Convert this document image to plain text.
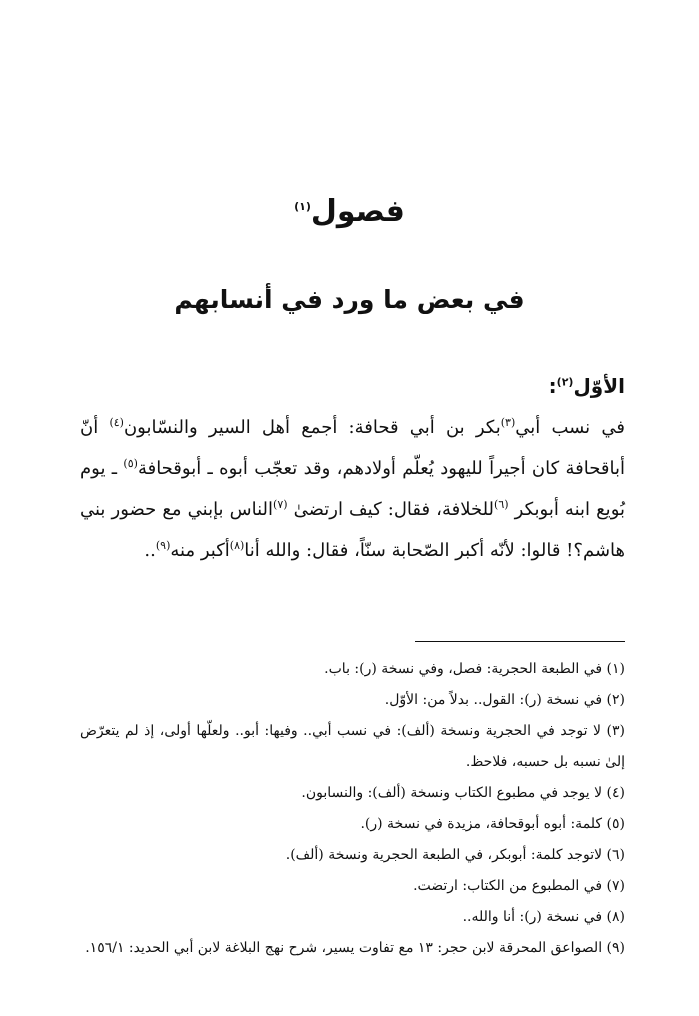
فصول$^{(١)}$
في بعض ما ورد في أنسابهم
الأوّل$^{(٢)}$:

في نسب أبي$^{(٣)}$بكر بن أبي قحافة: أجمع أهل السير والنسّابون$^{(٤)}$ أنّ أباقحافة كان أجيراً لليهود يُعلّم أولادهم، وقد تعجّب أبوه ـ أبوقحافة$^{(٥)}$ ـ يوم بُويع ابنه أبوبكر $^{(٦)}$للخلافة، فقال: كيف ارتضىٰ $^{(٧)}$الناس بإبني مع حضور بني هاشم؟! قالوا: لأنّه أكبر الصّحابة سنّاً، فقال: والله أنا$^{(٨)}$أكبر منه$^{(٩)}$..

(١) في الطبعة الحجرية: فصل، وفي نسخة (ر): باب.

(٢) في نسخة (ر): القول.. بدلاً من: الأوّل.

(٣) لا توجد في الحجرية ونسخة (ألف): في نسب أبي.. وفيها: أبو.. ولعلّها أولى، إذ لم يتعرّض إلىٰ نسبه بل حسبه، فلاحظ.

(٤) لا يوجد في مطبوع الكتاب ونسخة (ألف): والنسابون.

(٥) كلمة: أبوه أبوقحافة، مزيدة في نسخة (ر).

(٦) لاتوجد كلمة: أبوبكر، في الطبعة الحجرية ونسخة (ألف).

(٧) في المطبوع من الكتاب: ارتضت.

(٨) في نسخة (ر): أنا والله..

(٩) الصواعق المحرقة لابن حجر: ١٣ مع تفاوت يسير، شرح نهج البلاغة لابن أبي الحديد: ١٥٦/١.
